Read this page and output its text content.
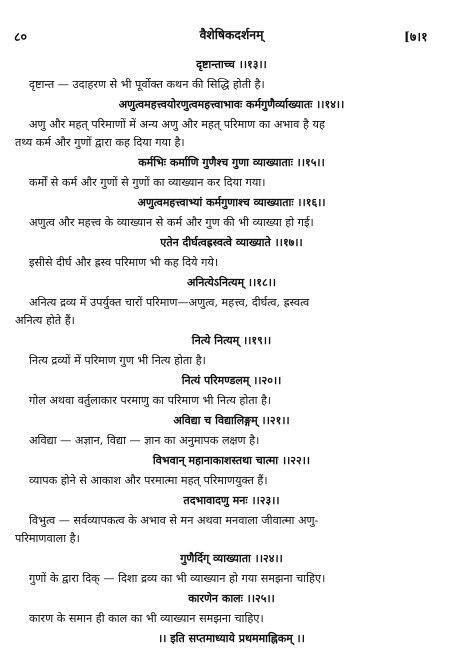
८०	वैशेषिकदर्शनम्	[७।१
दृष्टान्ताच्च ।।१३।।
दृष्टान्त — उदाहरण से भी पूर्वोक्त कथन की सिद्धि होती है।
अणुत्वमहत्त्वयोरणुत्वमहत्त्वाभावः कर्मगुणैर्व्याख्यातः ।।१४।।
अणु और महत् परिमाणों में अन्य अणु और महत् परिमाण का अभाव है यह
तथ्य कर्म और गुणों द्वारा कह दिया गया है।
कर्मभिः कर्माणि गुणैश्च गुणा व्याख्याताः ।।१५।।
कर्मों से कर्म और गुणों से गुणों का व्याख्यान कर दिया गया।
अणुत्वमहत्त्वाभ्यां कर्मगुणाश्च व्याख्याताः ।।१६।।
अणुत्व और महत्त्व के व्याख्यान से कर्म और गुण की भी व्याख्या हो गई।
एतेन दीर्घत्वह्रस्वत्वे व्याख्याते ।।१७।।
इसीसे दीर्घ और ह्रस्व परिमाण भी कह दिये गये।
अनित्येऽनित्यम् ।।१८।।
अनित्य द्रव्य में उपर्युक्त चारों परिमाण—अणुत्व, महत्त्व, दीर्घत्व, ह्रस्वत्व
अनित्य होते हैं।
नित्ये नित्यम् ।।१९।।
नित्य द्रव्यों में परिमाण गुण भी नित्य होता है।
नित्यं परिमण्डलम् ।।२०।।
गोल अथवा वर्तुलाकार परमाणु का परिमाण भी नित्य होता है।
अविद्या च विद्यालिङ्गम् ।।२१।।
अविद्या — अज्ञान, विद्या — ज्ञान का अनुमापक लक्षण है।
विभवान् महानाकाशस्तथा चात्मा ।।२२।।
व्यापक होने से आकाश और परमात्मा महत् परिमाणयुक्त हैं।
तदभावादणु मनः ।।२३।।
विभुत्व — सर्वव्यापकत्व के अभाव से मन अथवा मनवाला जीवात्मा अणु-
परिमाणवाला है।
गुणैर्दिग् व्याख्याता ।।२४।।
गुणों के द्वारा दिक् — दिशा द्रव्य का भी व्याख्यान हो गया समझना चाहिए।
कारणेन कालः ।।२५।।
कारण के समान ही काल का भी व्याख्यान समझना चाहिए।
।। इति सप्तमाध्याये प्रथममाह्निकम् ।।
